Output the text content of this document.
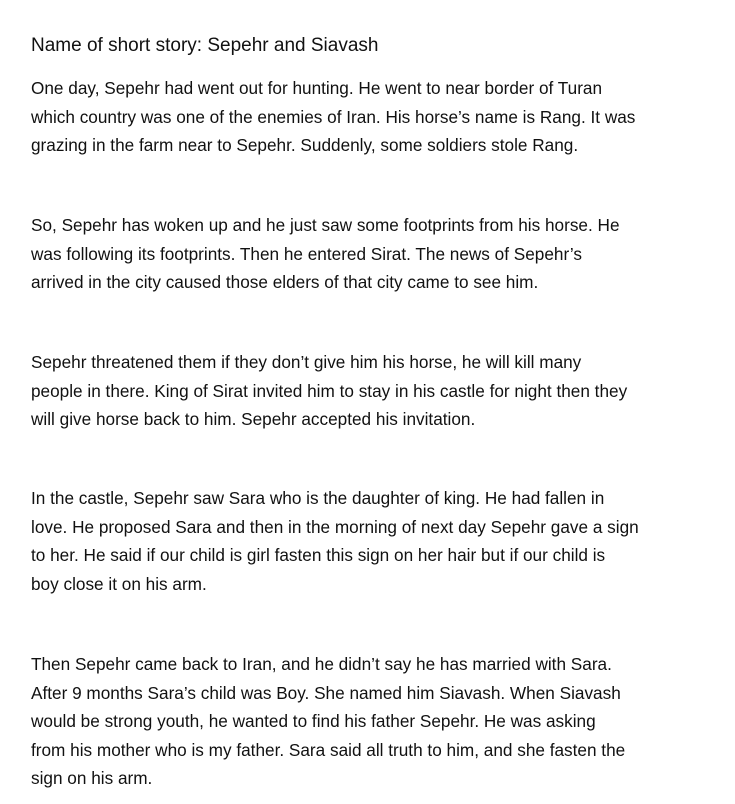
Name of short story: Sepehr and Siavash

One day, Sepehr had went out for hunting. He went to near border of Turan
which country was one of the enemies of Iran. His horse’s name is Rang. It was
grazing in the farm near to Sepehr. Suddenly, some soldiers stole Rang.

So, Sepehr has woken up and he just saw some footprints from his horse. He
was following its footprints. Then he entered Sirat. The news of Sepehr’s
arrived in the city caused those elders of that city came to see him.

Sepehr threatened them if they don’t give him his horse, he will kill many
people in there. King of Sirat invited him to stay in his castle for night then they
will give horse back to him. Sepehr accepted his invitation.

In the castle, Sepehr saw Sara who is the daughter of king. He had fallen in
love. He proposed Sara and then in the morning of next day Sepehr gave a sign
to her. He said if our child is girl fasten this sign on her hair but if our child is
boy close it on his arm.

Then Sepehr came back to Iran, and he didn’t say he has married with Sara.
After 9 months Sara’s child was Boy. She named him Siavash. When Siavash
would be strong youth, he wanted to find his father Sepehr. He was asking
from his mother who is my father. Sara said all truth to him, and she fasten the
sign on his arm.
